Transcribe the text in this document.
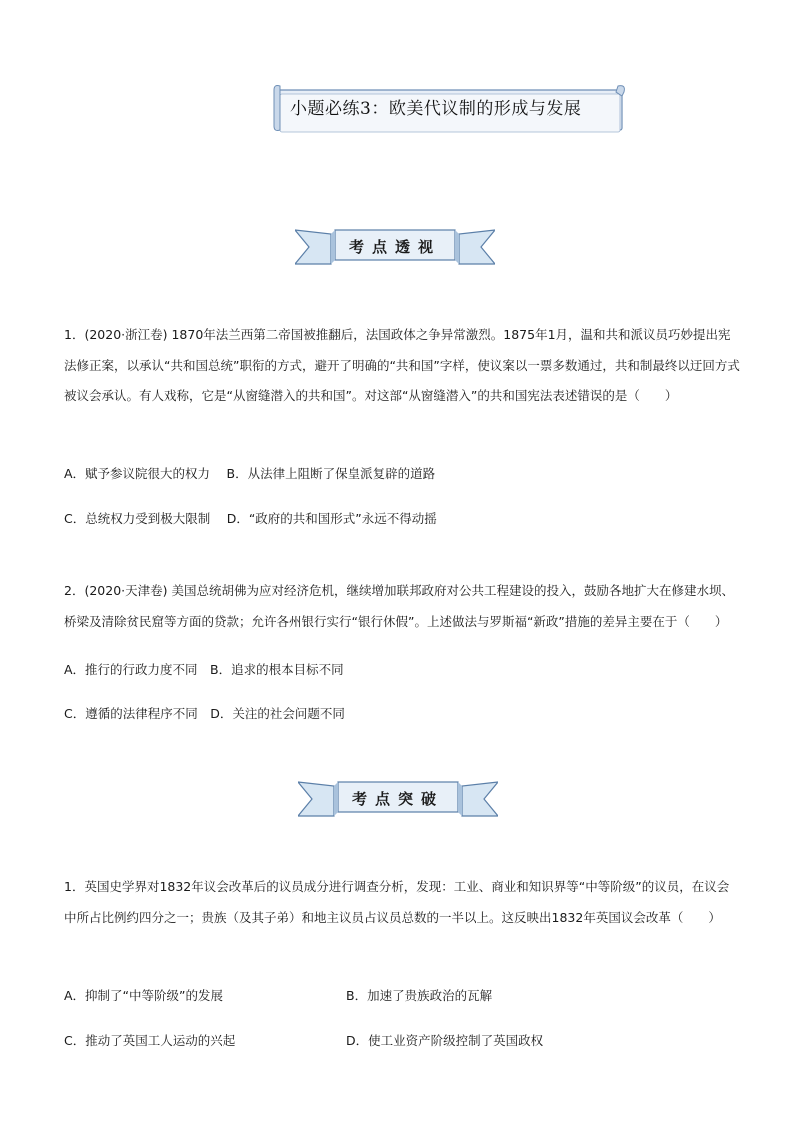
小题必练3：欧美代议制的形成与发展
考点透视

1．(2020·浙江卷) 1870年法兰西第二帝国被推翻后，法国政体之争异常激烈。1875年1月，温和共和派议员巧妙提出宪法修正案，以承认“共和国总统”职衔的方式，避开了明确的“共和国”字样，使议案以一票多数通过，共和制最终以迂回方式被议会承认。有人戏称，它是“从窗缝潜入的共和国”。对这部“从窗缝潜入”的共和国宪法表述错误的是（　　）

A．赋予参议院很大的权力　 B．从法律上阻断了保皇派复辟的道路
C．总统权力受到极大限制　 D．“政府的共和国形式”永远不得动摇

2．(2020·天津卷) 美国总统胡佛为应对经济危机，继续增加联邦政府对公共工程建设的投入，鼓励各地扩大在修建水坝、桥梁及清除贫民窟等方面的贷款；允许各州银行实行“银行休假”。上述做法与罗斯福“新政”措施的差异主要在于（　　）

A．推行的行政力度不同　B．追求的根本目标不同
C．遵循的法律程序不同　D．关注的社会问题不同
考点突破

1．英国史学界对1832年议会改革后的议员成分进行调查分析，发现：工业、商业和知识界等“中等阶级”的议员，在议会中所占比例约四分之一；贵族（及其子弟）和地主议员占议员总数的一半以上。这反映出1832年英国议会改革（　　）

A．抑制了“中等阶级”的发展	B．加速了贵族政治的瓦解
C．推动了英国工人运动的兴起	D．使工业资产阶级控制了英国政权
